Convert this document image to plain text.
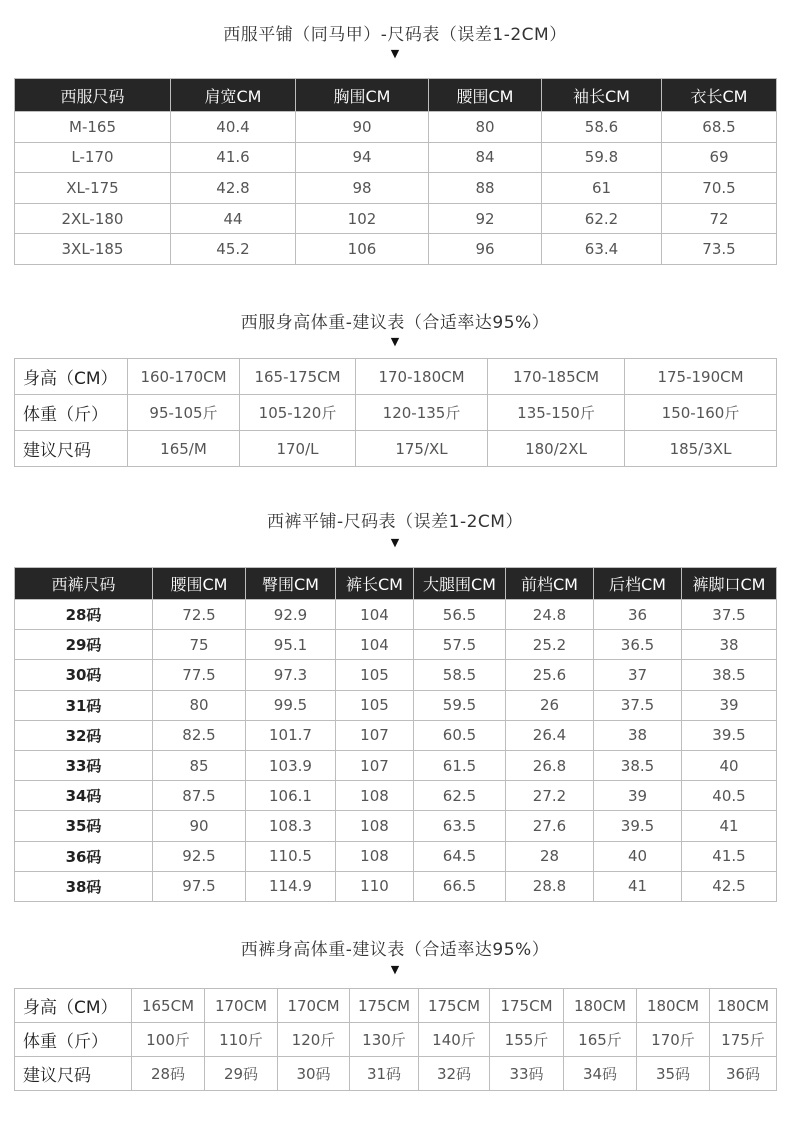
西服平铺（同马甲）-尺码表（误差1-2CM）
▼
西服尺码	肩宽CM	胸围CM	腰围CM	袖长CM	衣长CM
M-165	40.4	90	80	58.6	68.5
L-170	41.6	94	84	59.8	69
XL-175	42.8	98	88	61	70.5
2XL-180	44	102	92	62.2	72
3XL-185	45.2	106	96	63.4	73.5
西服身高体重-建议表（合适率达95%）
▼
身高（CM）	160-170CM	165-175CM	170-180CM	170-185CM	175-190CM
体重（斤）	95-105斤	105-120斤	120-135斤	135-150斤	150-160斤
建议尺码	165/M	170/L	175/XL	180/2XL	185/3XL
西裤平铺-尺码表（误差1-2CM）
▼
西裤尺码	腰围CM	臀围CM	裤长CM	大腿围CM	前档CM	后档CM	裤脚口CM
28码	72.5	92.9	104	56.5	24.8	36	37.5
29码	75	95.1	104	57.5	25.2	36.5	38
30码	77.5	97.3	105	58.5	25.6	37	38.5
31码	80	99.5	105	59.5	26	37.5	39
32码	82.5	101.7	107	60.5	26.4	38	39.5
33码	85	103.9	107	61.5	26.8	38.5	40
34码	87.5	106.1	108	62.5	27.2	39	40.5
35码	90	108.3	108	63.5	27.6	39.5	41
36码	92.5	110.5	108	64.5	28	40	41.5
38码	97.5	114.9	110	66.5	28.8	41	42.5
西裤身高体重-建议表（合适率达95%）
▼
身高（CM）	165CM	170CM	170CM	175CM	175CM	175CM	180CM	180CM	180CM
体重（斤）	100斤	110斤	120斤	130斤	140斤	155斤	165斤	170斤	175斤
建议尺码	28码	29码	30码	31码	32码	33码	34码	35码	36码
